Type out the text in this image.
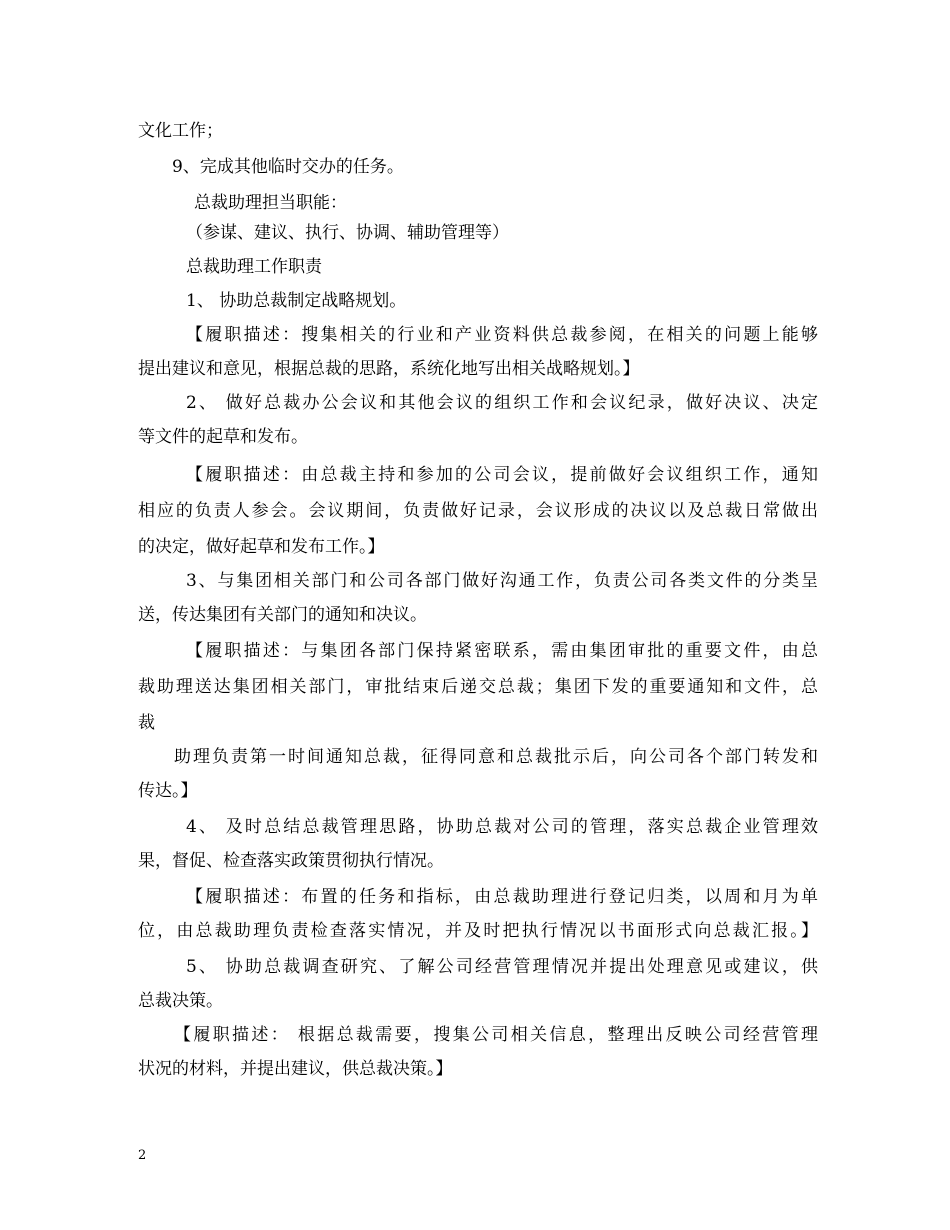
文化工作；
9、完成其他临时交办的任务。
总裁助理担当职能：
（参谋、建议、执行、协调、辅助管理等）
总裁助理工作职责
1、 协助总裁制定战略规划。
【履职描述：搜集相关的行业和产业资料供总裁参阅，在相关的问题上能够
提出建议和意见，根据总裁的思路，系统化地写出相关战略规划。】
2、 做好总裁办公会议和其他会议的组织工作和会议纪录，做好决议、决定
等文件的起草和发布。
【履职描述：由总裁主持和参加的公司会议，提前做好会议组织工作，通知
相应的负责人参会。会议期间，负责做好记录，会议形成的决议以及总裁日常做出
的决定，做好起草和发布工作。】
3、与集团相关部门和公司各部门做好沟通工作，负责公司各类文件的分类呈
送，传达集团有关部门的通知和决议。
【履职描述：与集团各部门保持紧密联系，需由集团审批的重要文件，由总
裁助理送达集团相关部门，审批结束后递交总裁；集团下发的重要通知和文件，总
裁
助理负责第一时间通知总裁，征得同意和总裁批示后，向公司各个部门转发和
传达。】
4、 及时总结总裁管理思路，协助总裁对公司的管理，落实总裁企业管理效
果，督促、检查落实政策贯彻执行情况。
【履职描述：布置的任务和指标，由总裁助理进行登记归类，以周和月为单
位，由总裁助理负责检查落实情况，并及时把执行情况以书面形式向总裁汇报。】
5、 协助总裁调查研究、了解公司经营管理情况并提出处理意见或建议，供
总裁决策。
【履职描述： 根据总裁需要，搜集公司相关信息，整理出反映公司经营管理
状况的材料，并提出建议，供总裁决策。】
2
